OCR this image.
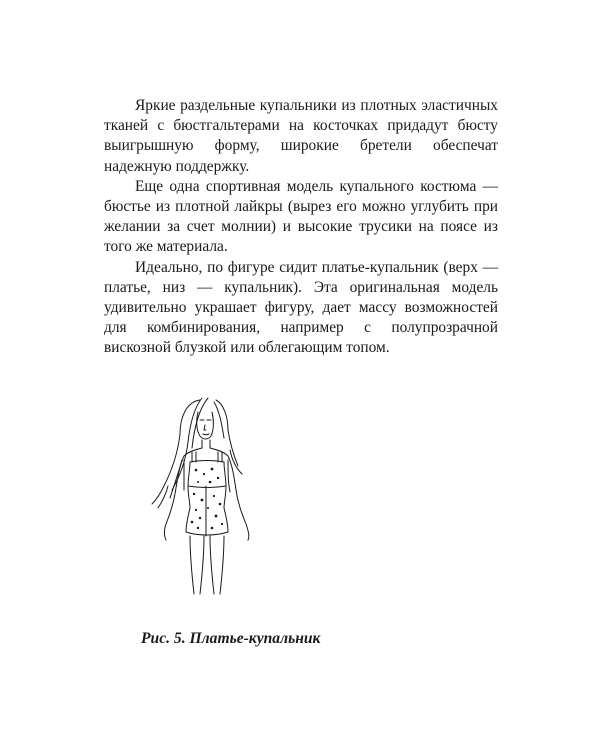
Яркие раздельные купальники из плотных эластичных тканей с бюстгальтерами на косточках придадут бюсту выигрышную форму, широкие бретели обеспечат надежную поддержку.

Еще одна спортивная модель купального костюма — бюстье из плотной лайкры (вырез его можно углубить при желании за счет молнии) и высокие трусики на поясе из того же материала.

Идеально, по фигуре сидит платье-купальник (верх — платье, низ — купальник). Эта оригинальная модель удивительно украшает фигуру, дает массу возможностей для комбинирования, например с полупрозрачной вискозной блузкой или облегающим топом.

Рис. 5. Платье-купальник
